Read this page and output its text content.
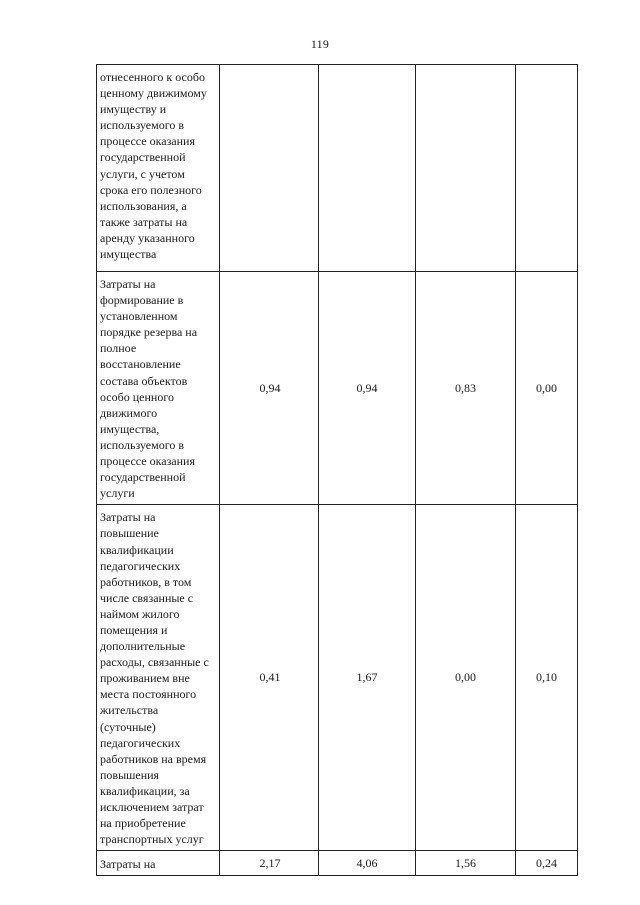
119
отнесенного к особо ценному движимому имуществу и используемого в процессе оказания государственной услуги, с учетом срока его полезного использования, а также затраты на аренду указанного имущества				
Затраты на формирование в установленном порядке резерва на полное восстановление состава объектов особо ценного движимого имущества, используемого в процессе оказания государственной услуги	0,94	0,94	0,83	0,00
Затраты на повышение квалификации педагогических работников, в том числе связанные с наймом жилого помещения и дополнительные расходы, связанные с проживанием вне места постоянного жительства (суточные) педагогических работников на время повышения квалификации, за исключением затрат на приобретение транспортных услуг	0,41	1,67	0,00	0,10
Затраты на	2,17	4,06	1,56	0,24
